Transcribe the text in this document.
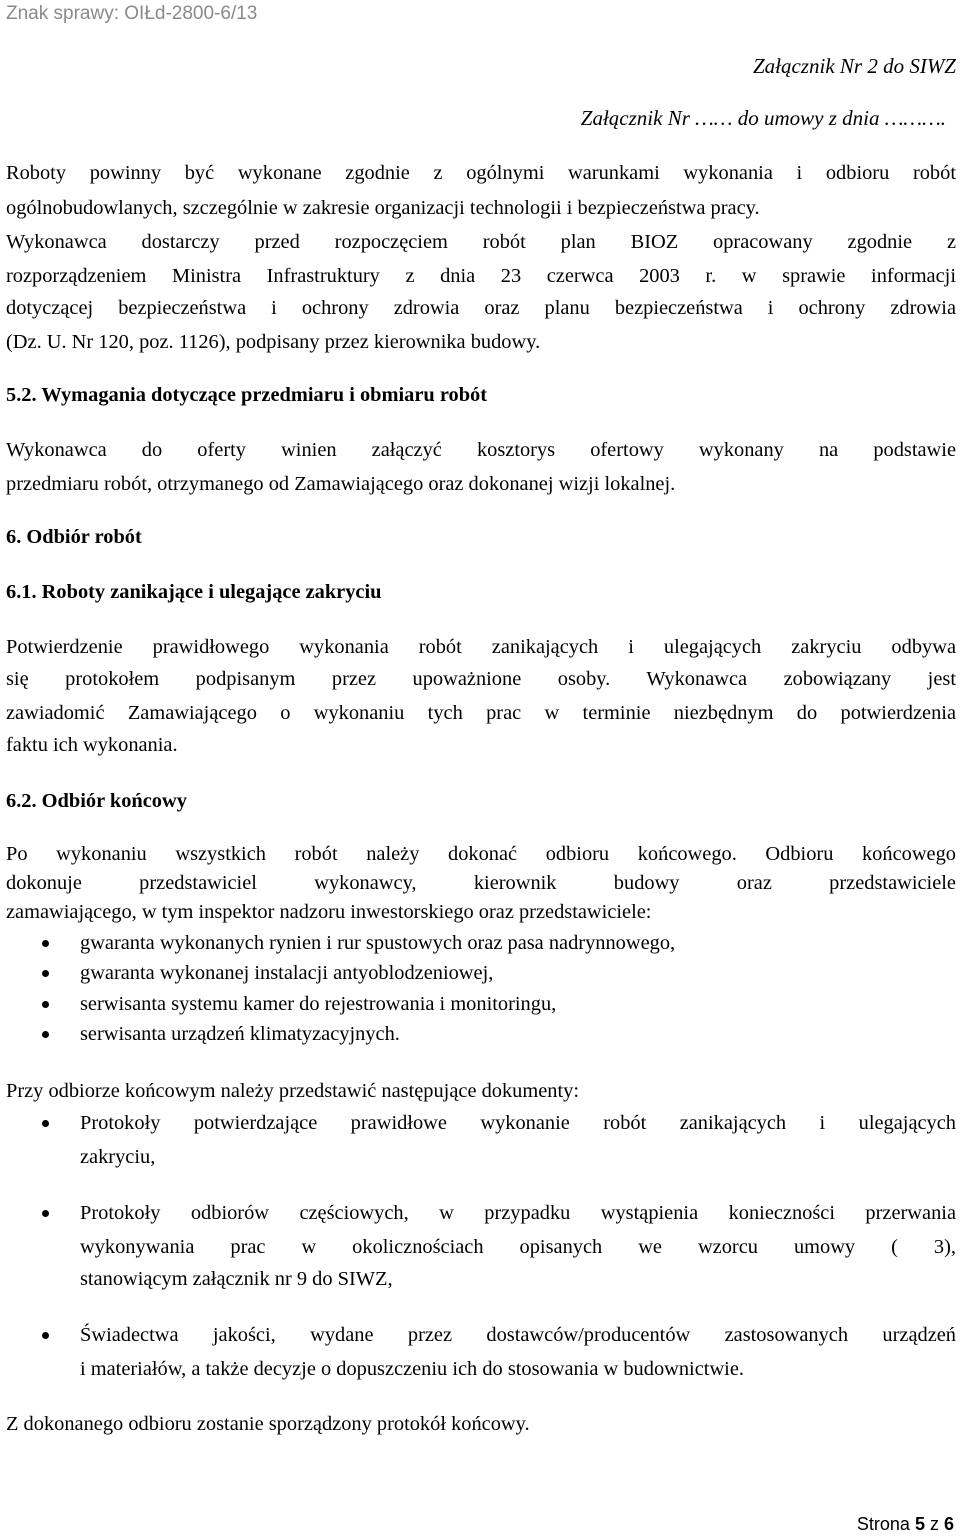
Znak sprawy: OIŁd-2800-6/13
Załącznik Nr 2 do SIWZ
Załącznik Nr …… do umowy z dnia ……….
Roboty powinny być wykonane zgodnie z ogólnymi warunkami wykonania i odbioru robót
ogólnobudowlanych, szczególnie w zakresie organizacji technologii i bezpieczeństwa pracy.
Wykonawca dostarczy przed rozpoczęciem robót plan BIOZ opracowany zgodnie z
rozporządzeniem Ministra Infrastruktury z dnia 23 czerwca 2003 r. w sprawie informacji
dotyczącej bezpieczeństwa i ochrony zdrowia oraz planu bezpieczeństwa i ochrony zdrowia
(Dz. U. Nr 120, poz. 1126), podpisany przez kierownika budowy.
5.2. Wymagania dotyczące przedmiaru i obmiaru robót
Wykonawca do oferty winien załączyć kosztorys ofertowy wykonany na podstawie
przedmiaru robót, otrzymanego od Zamawiającego oraz dokonanej wizji lokalnej.
6. Odbiór robót
6.1. Roboty zanikające i ulegające zakryciu
Potwierdzenie prawidłowego wykonania robót zanikających i ulegających zakryciu odbywa
się protokołem podpisanym przez upoważnione osoby. Wykonawca zobowiązany jest
zawiadomić Zamawiającego o wykonaniu tych prac w terminie niezbędnym do potwierdzenia
faktu ich wykonania.
6.2. Odbiór końcowy
Po wykonaniu wszystkich robót należy dokonać odbioru końcowego. Odbioru końcowego
dokonuje przedstawiciel wykonawcy, kierownik budowy oraz przedstawiciele
zamawiającego, w tym inspektor nadzoru inwestorskiego oraz przedstawiciele:
gwaranta wykonanych rynien i rur spustowych oraz pasa nadrynnowego,
gwaranta wykonanej instalacji antyoblodzeniowej,
serwisanta systemu kamer do rejestrowania i monitoringu,
serwisanta urządzeń klimatyzacyjnych.
Przy odbiorze końcowym należy przedstawić następujące dokumenty:
Protokoły potwierdzające prawidłowe wykonanie robót zanikających i ulegających
zakryciu,
Protokoły odbiorów częściowych, w przypadku wystąpienia konieczności przerwania
wykonywania prac w okolicznościach opisanych we wzorcu umowy ( 3),
stanowiącym załącznik nr 9 do SIWZ,
Świadectwa jakości, wydane przez dostawców/producentów zastosowanych urządzeń
i materiałów, a także decyzje o dopuszczeniu ich do stosowania w budownictwie.
Z dokonanego odbioru zostanie sporządzony protokół końcowy.
Strona 5 z 6
